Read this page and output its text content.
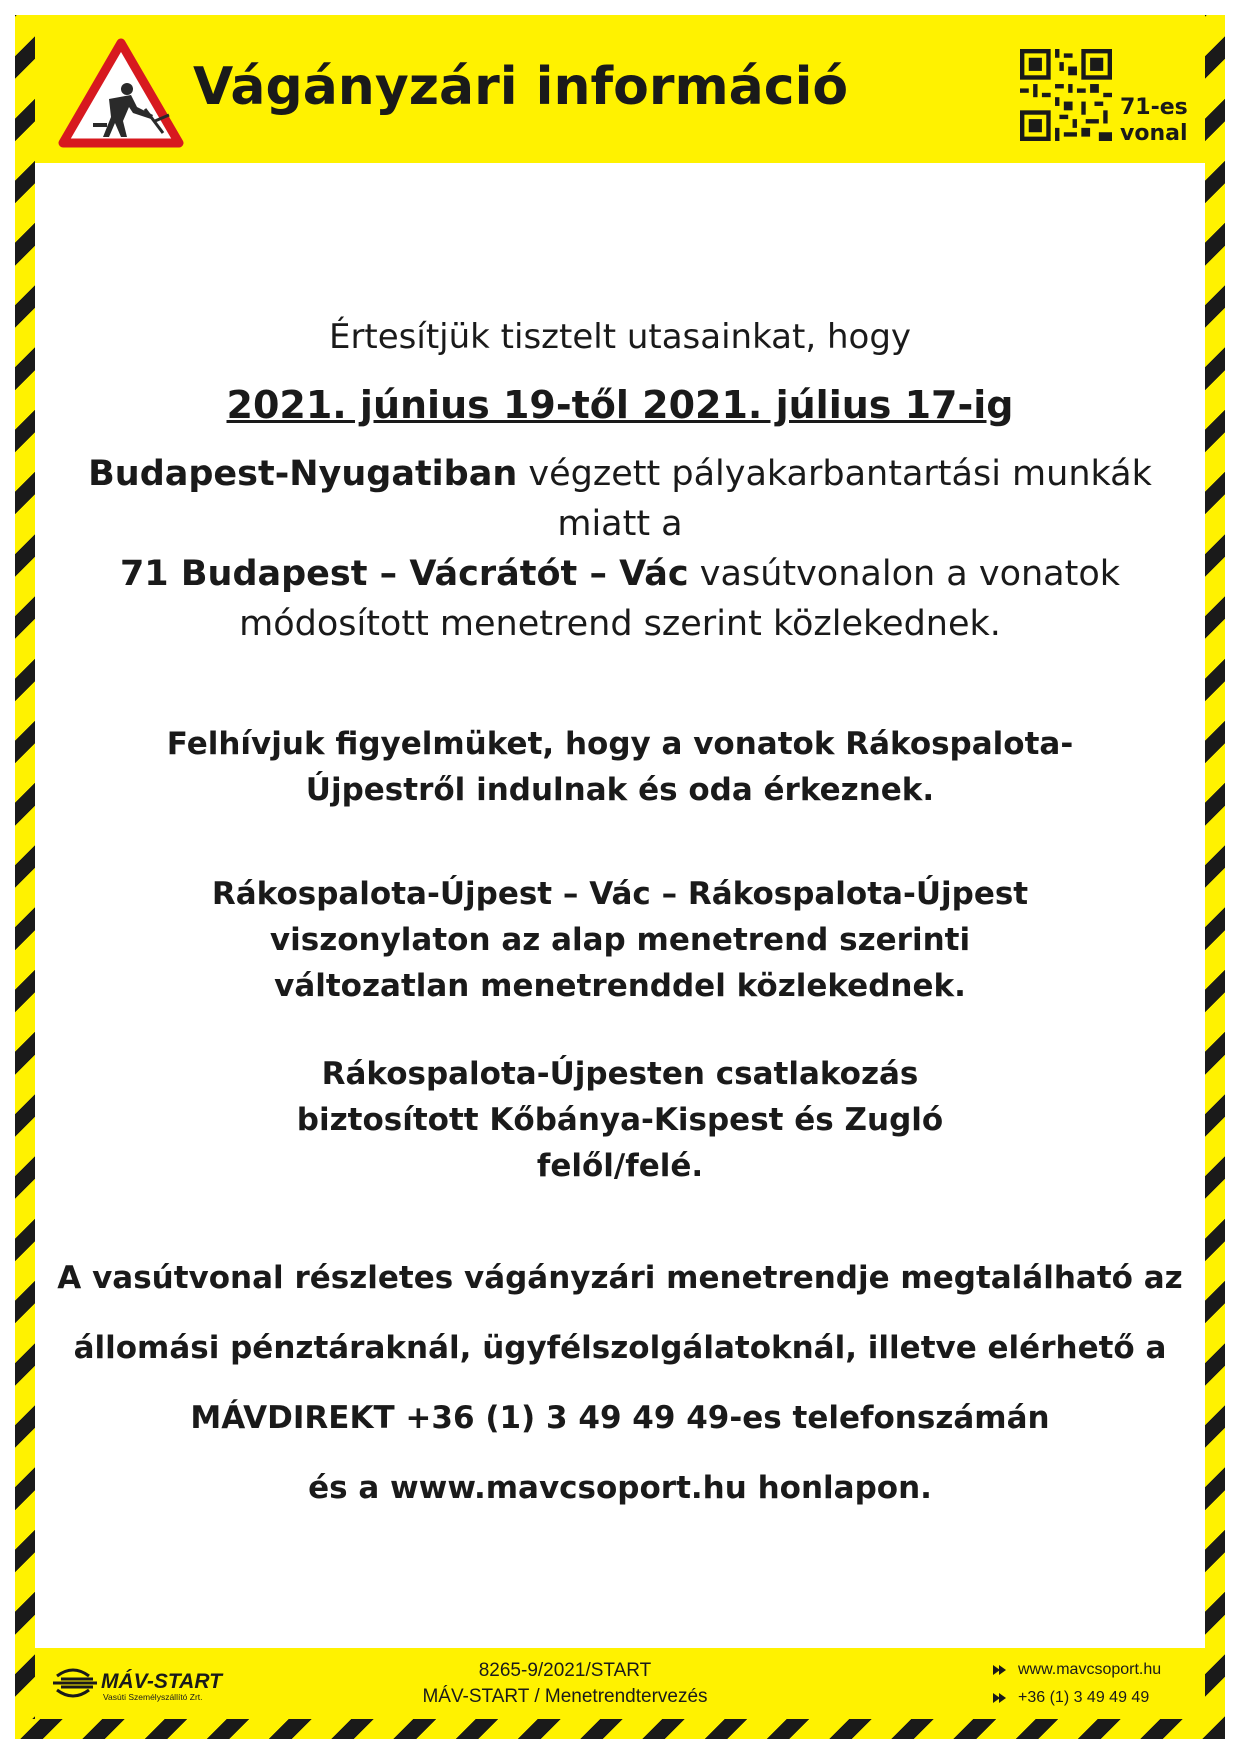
Vágányzári információ	71-es
vonal
Értesítjük tisztelt utasainkat, hogy
2021. június 19-től 2021. július 17-ig
Budapest-Nyugatiban végzett pályakarbantartási munkák miatt a
71 Budapest – Vácrátót – Vác vasútvonalon a vonatok módosított menetrend szerint közlekednek.
Felhívjuk figyelmüket, hogy a vonatok Rákospalota-Újpestről indulnak és oda érkeznek.
Rákospalota-Újpest – Vác – Rákospalota-Újpest viszonylaton az alap menetrend szerinti változatlan menetrenddel közlekednek.
Rákospalota-Újpesten csatlakozás biztosított Kőbánya-Kispest és Zugló felől/felé.
A vasútvonal részletes vágányzári menetrendje megtalálható az
állomási pénztáraknál, ügyfélszolgálatoknál, illetve elérhető a
MÁVDIREKT +36 (1) 3 49 49 49-es telefonszámán
és a www.mavcsoport.hu honlapon.
MÁV-START
Vasúti Személyszállító Zrt.
8265-9/2021/START
MÁV-START / Menetrendtervezés
www.mavcsoport.hu
+36 (1) 3 49 49 49
